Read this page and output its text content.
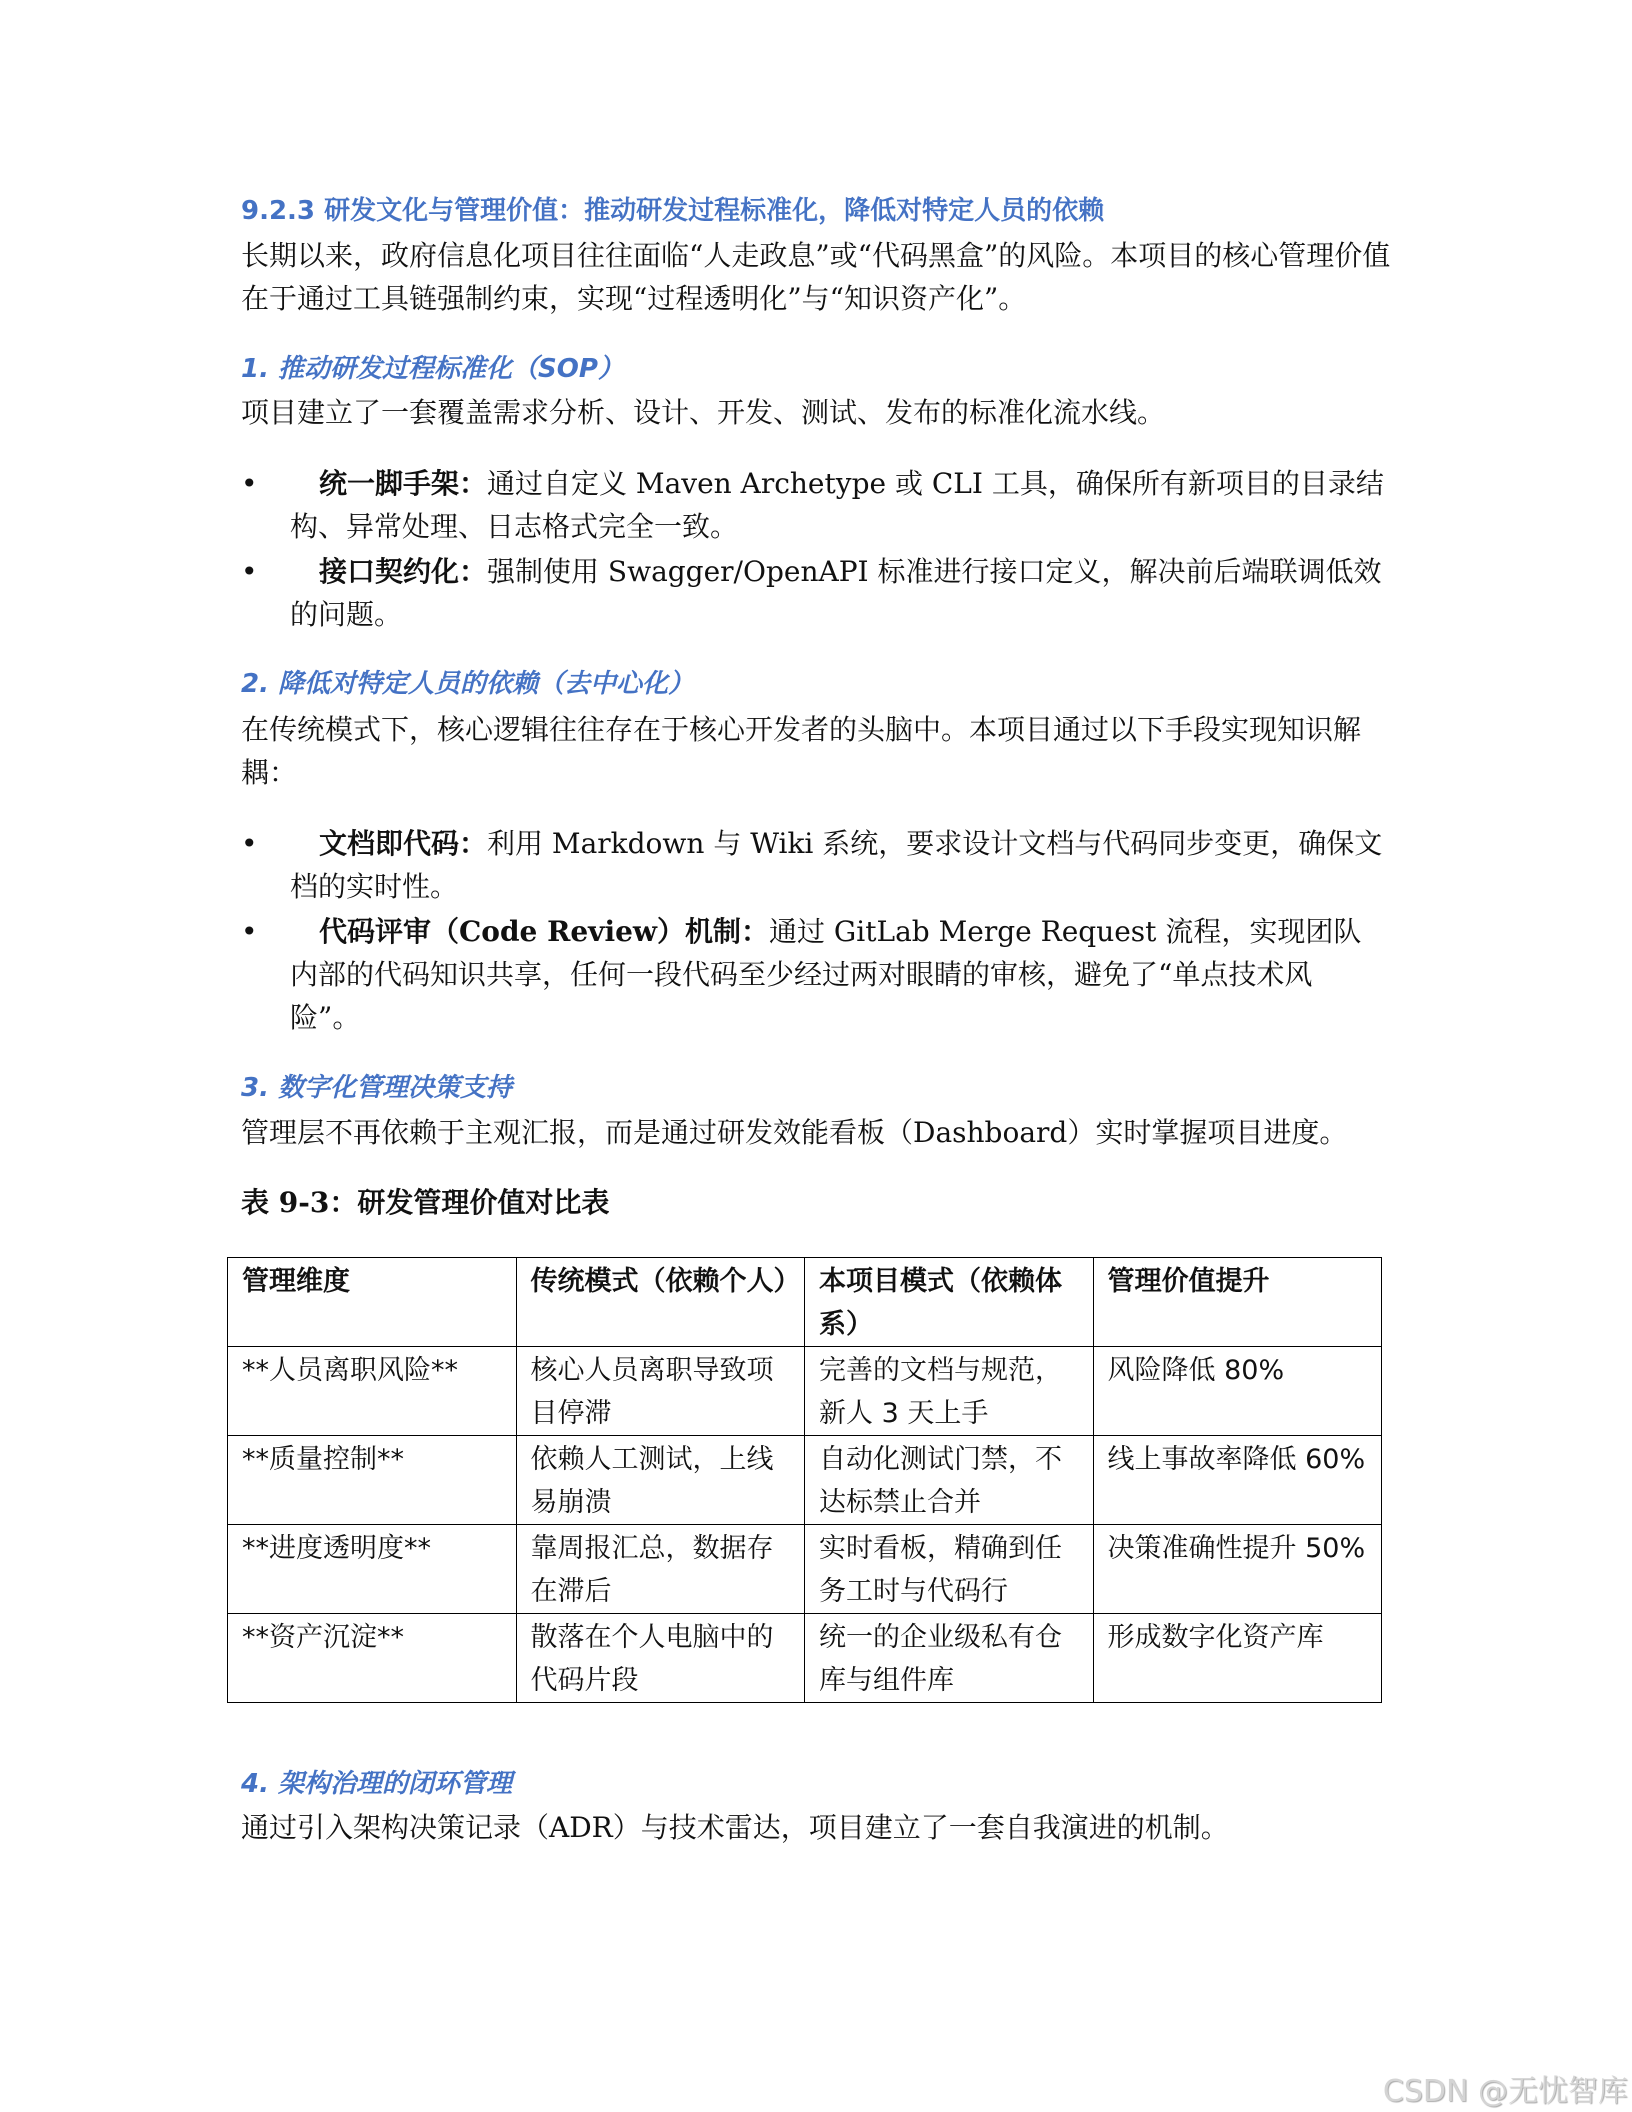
9.2.3 研发文化与管理价值：推动研发过程标准化，降低对特定人员的依赖
长期以来，政府信息化项目往往面临“人走政息”或“代码黑盒”的风险。本项目的核心管理价值在于通过工具链强制约束，实现“过程透明化”与“知识资产化”。
1. 推动研发过程标准化（SOP）
项目建立了一套覆盖需求分析、设计、开发、测试、发布的标准化流水线。
•	统一脚手架：通过自定义 Maven Archetype 或 CLI 工具，确保所有新项目的目录结构、异常处理、日志格式完全一致。
•	接口契约化：强制使用 Swagger/OpenAPI 标准进行接口定义，解决前后端联调低效的问题。
2. 降低对特定人员的依赖（去中心化）
在传统模式下，核心逻辑往往存在于核心开发者的头脑中。本项目通过以下手段实现知识解耦：
•	文档即代码：利用 Markdown 与 Wiki 系统，要求设计文档与代码同步变更，确保文档的实时性。
•	代码评审（Code Review）机制：通过 GitLab Merge Request 流程，实现团队内部的代码知识共享，任何一段代码至少经过两对眼睛的审核，避免了“单点技术风险”。
3. 数字化管理决策支持
管理层不再依赖于主观汇报，而是通过研发效能看板（Dashboard）实时掌握项目进度。
表 9-3：研发管理价值对比表
管理维度	传统模式（依赖个人）	本项目模式（依赖体系）	管理价值提升
**人员离职风险**	核心人员离职导致项目停滞	完善的文档与规范，新人 3 天上手	风险降低 80%
**质量控制**	依赖人工测试，上线易崩溃	自动化测试门禁，不达标禁止合并	线上事故率降低 60%
**进度透明度**	靠周报汇总，数据存在滞后	实时看板，精确到任务工时与代码行	决策准确性提升 50%
**资产沉淀**	散落在个人电脑中的代码片段	统一的企业级私有仓库与组件库	形成数字化资产库
4. 架构治理的闭环管理
通过引入架构决策记录（ADR）与技术雷达，项目建立了一套自我演进的机制。
CSDN @无忧智库
